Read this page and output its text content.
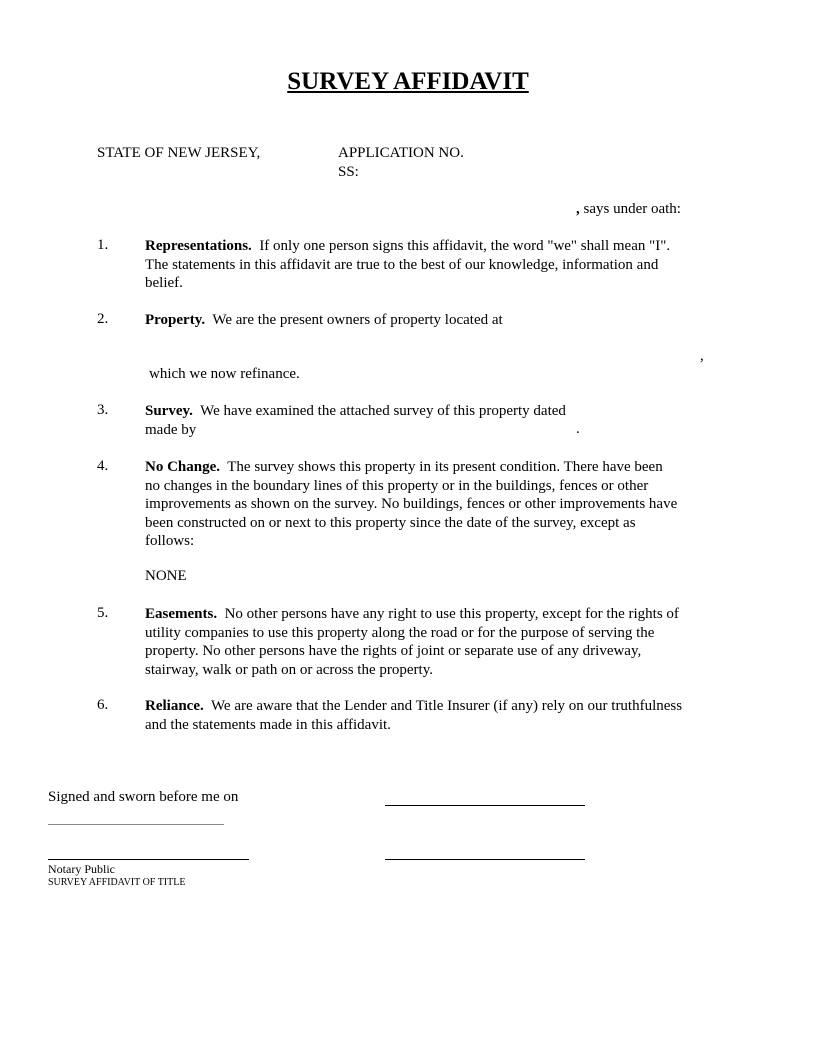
SURVEY AFFIDAVIT
STATE OF NEW JERSEY,	APPLICATION NO.
SS:
, says under oath:
1. Representations. If only one person signs this affidavit, the word "we" shall mean "I".
The statements in this affidavit are true to the best of our knowledge, information and
belief.
2. Property. We are the present owners of property located at
,
which we now refinance.
3. Survey. We have examined the attached survey of this property dated
made by	.
4. No Change. The survey shows this property in its present condition. There have been
no changes in the boundary lines of this property or in the buildings, fences or other
improvements as shown on the survey. No buildings, fences or other improvements have
been constructed on or next to this property since the date of the survey, except as
follows:
NONE
5. Easements. No other persons have any right to use this property, except for the rights of
utility companies to use this property along the road or for the purpose of serving the
property. No other persons have the rights of joint or separate use of any driveway,
stairway, walk or path on or across the property.
6. Reliance. We are aware that the Lender and Title Insurer (if any) rely on our truthfulness
and the statements made in this affidavit.
Signed and sworn before me on
Notary Public
SURVEY AFFIDAVIT OF TITLE
